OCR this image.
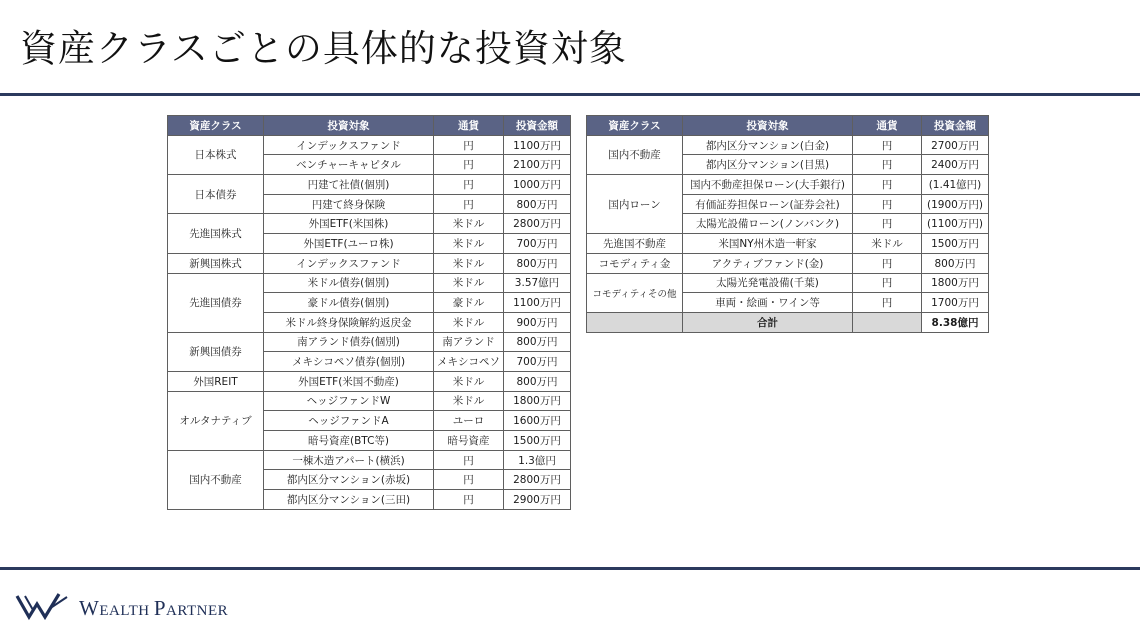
資産クラスごとの具体的な投資対象
資産クラス	投資対象	通貨	投資金額
日本株式	インデックスファンド	円	1100万円
	ベンチャーキャピタル	円	2100万円
日本債券	円建て社債(個別)	円	1000万円
	円建て終身保険	円	800万円
先進国株式	外国ETF(米国株)	米ドル	2800万円
	外国ETF(ユーロ株)	米ドル	700万円
新興国株式	インデックスファンド	米ドル	800万円
先進国債券	米ドル債券(個別)	米ドル	3.57億円
	豪ドル債券(個別)	豪ドル	1100万円
	米ドル終身保険解約返戻金	米ドル	900万円
新興国債券	南アランド債券(個別)	南アランド	800万円
	メキシコペソ債券(個別)	メキシコペソ	700万円
外国REIT	外国ETF(米国不動産)	米ドル	800万円
オルタナティブ	ヘッジファンドW	米ドル	1800万円
	ヘッジファンドA	ユーロ	1600万円
	暗号資産(BTC等)	暗号資産	1500万円
国内不動産	一棟木造アパート(横浜)	円	1.3億円
	都内区分マンション(赤坂)	円	2800万円
	都内区分マンション(三田)	円	2900万円
資産クラス	投資対象	通貨	投資金額
国内不動産	都内区分マンション(白金)	円	2700万円
	都内区分マンション(目黒)	円	2400万円
国内ローン	国内不動産担保ローン(大手銀行)	円	(1.41億円)
	有価証券担保ローン(証券会社)	円	(1900万円)
	太陽光設備ローン(ノンバンク)	円	(1100万円)
先進国不動産	米国NY州木造一軒家	米ドル	1500万円
コモディティ金	アクティブファンド(金)	円	800万円
コモディティその他	太陽光発電設備(千葉)	円	1800万円
	車両・絵画・ワイン等	円	1700万円
	合計		8.38億円
WEALTH PARTNER
